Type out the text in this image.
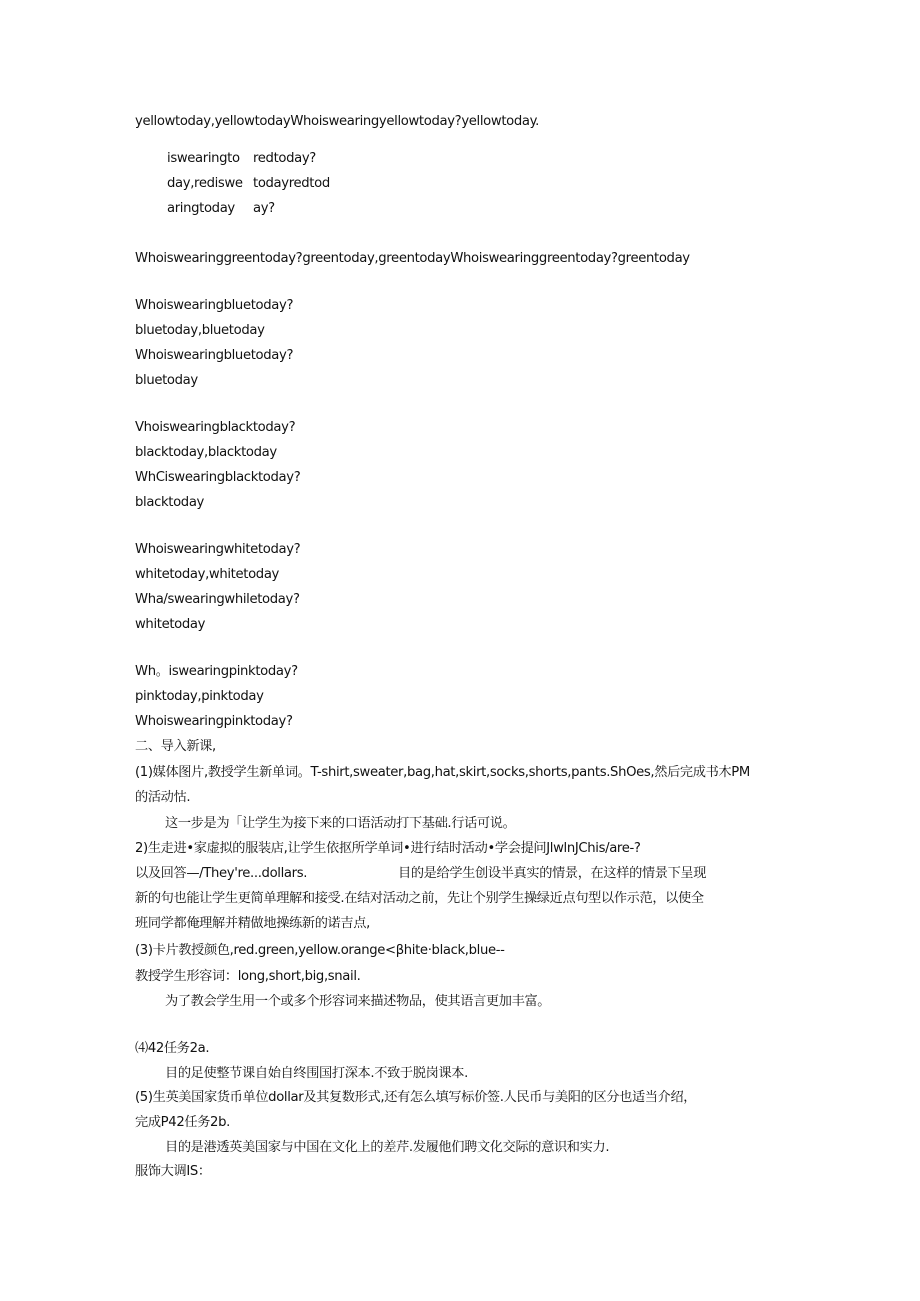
yellowtoday,yellowtodayWhoiswearingyellowtoday?yellowtoday.
iswearingto
day,rediswe
aringtoday
redtoday?
todayredtod
ay?
Whoiswearinggreentoday?greentoday,greentodayWhoiswearinggreentoday?greentoday
Whoiswearingbluetoday?
bluetoday,bluetoday
Whoiswearingbluetoday?
bluetoday
Vhoiswearingblacktoday?
blacktoday,blacktoday
WhCiswearingblacktoday?
blacktoday
Whoiswearingwhitetoday?
whitetoday,whitetoday
Wha/swearingwhiletoday?
whitetoday
Wh。iswearingpinktoday?
pinktoday,pinktoday
Whoiswearingpinktoday?
二、导入新课,
(1)媒体图片,教授学生新单词。T-shirt,sweater,bag,hat,skirt,socks,shorts,pants.ShOes,然后完成书木PM
的活动怙.
这一步是为「让学生为接下来的口语活动打下基础.行话可说。
2)生走进•家虚拟的服装店,让学生依抠所学单词•进行结时活动•学会提问JlwlnJChis/are-?
以及回答—/They're...dollars.	目的是给学生创设半真实的情景，在这样的情景下呈现
新的句也能让学生更简单理解和接受.在结对活动之前，先让个别学生操绿近点句型以作示范，以使全
班同学都俺理解并精做地操练新的诺吉点,
(3)卡片教授颜色,red.green,yellow.orange<βhite·black,blue--
教授学生形容词：long,short,big,snail.
为了教会学生用一个或多个形容词来描述物品，使其语言更加丰富。
⑷42任务2a.
目的足使整节课自始自终围国打深本.不致于脱岗课本.
(5)生英美国家货币单位dollar及其复数形式,还有怎么填写标价签.人民币与美阳的区分也适当介绍，
完成P42任务2b.
目的是港透英美国家与中国在文化上的差芹.发履他们聘文化交际的意识和实力.
服饰大调IS：
